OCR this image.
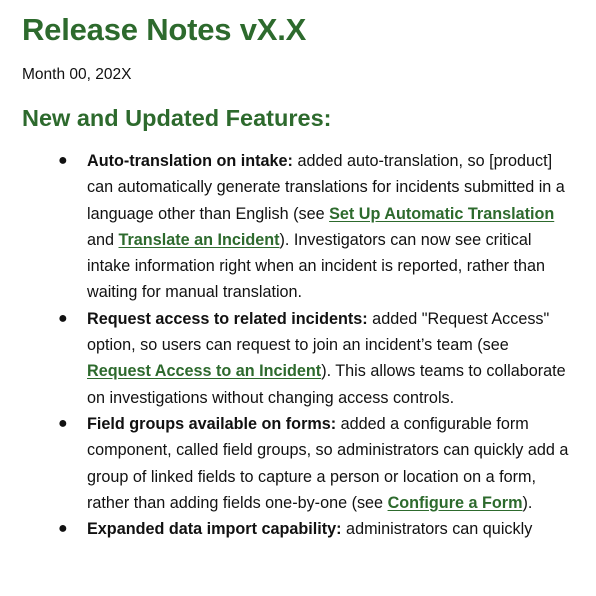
Release Notes vX.X

Month 00, 202X

New and Updated Features:
● Auto-translation on intake: added auto-translation, so [product] can automatically generate translations for incidents submitted in a language other than English (see Set Up Automatic Translation and Translate an Incident). Investigators can now see critical intake information right when an incident is reported, rather than waiting for manual translation.
● Request access to related incidents: added "Request Access" option, so users can request to join an incident’s team (see Request Access to an Incident). This allows teams to collaborate on investigations without changing access controls.
● Field groups available on forms: added a configurable form component, called field groups, so administrators can quickly add a group of linked fields to capture a person or location on a form, rather than adding fields one-by-one (see Configure a Form).
● Expanded data import capability: administrators can quickly
